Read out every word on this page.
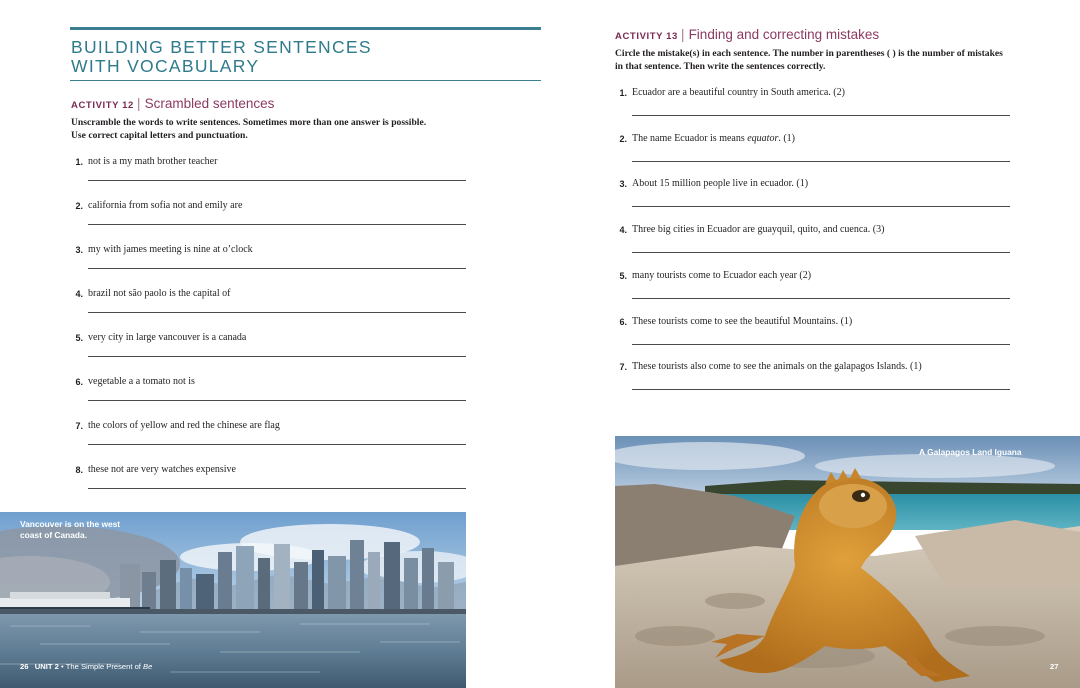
BUILDING BETTER SENTENCES
WITH VOCABULARY
ACTIVITY 12 | Scrambled sentences
Unscramble the words to write sentences. Sometimes more than one answer is possible.
Use correct capital letters and punctuation.
1. not is a my math brother teacher
2. california from sofia not and emily are
3. my with james meeting is nine at o’clock
4. brazil not são paolo is the capital of
5. very city in large vancouver is a canada
6. vegetable a a tomato not is
7. the colors of yellow and red the chinese are flag
8. these not are very watches expensive
Vancouver is on the west
coast of Canada.
26 UNIT 2 • The Simple Present of Be
ACTIVITY 13 | Finding and correcting mistakes
Circle the mistake(s) in each sentence. The number in parentheses ( ) is the number of mistakes
in that sentence. Then write the sentences correctly.
1. Ecuador are a beautiful country in South america. (2)
2. The name Ecuador is means equator. (1)
3. About 15 million people live in ecuador. (1)
4. Three big cities in Ecuador are guayquil, quito, and cuenca. (3)
5. many tourists come to Ecuador each year (2)
6. These tourists come to see the beautiful Mountains. (1)
7. These tourists also come to see the animals on the galapagos Islands. (1)
A Galapagos Land Iguana
27
